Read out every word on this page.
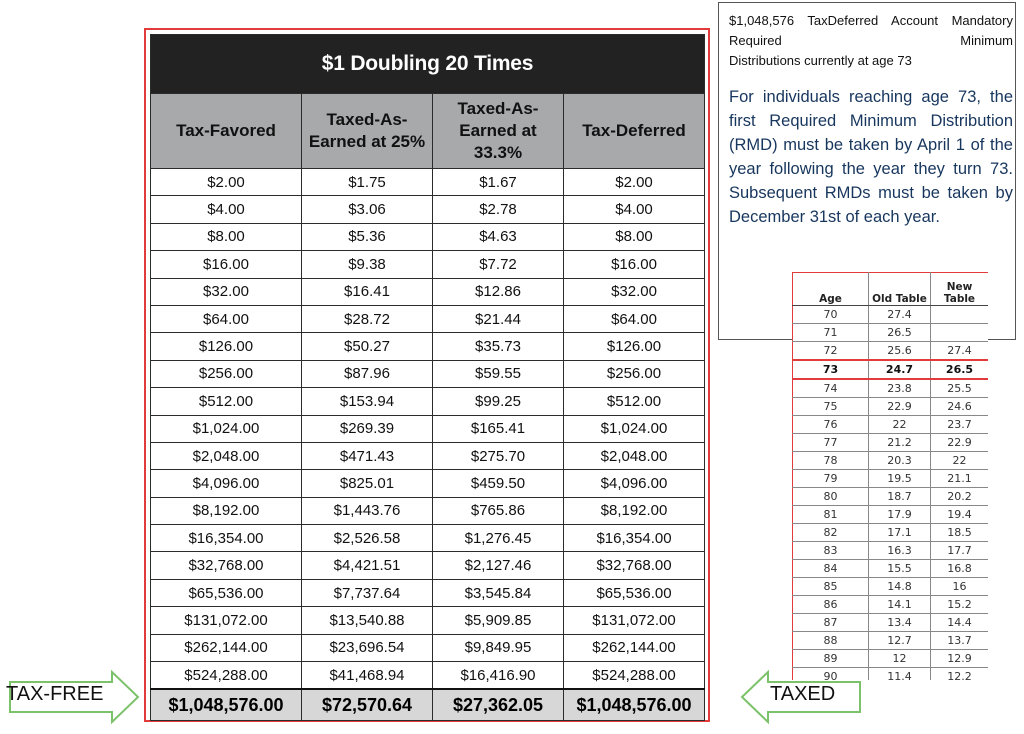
$1 Doubling 20 Times			
Tax-Favored	Taxed-As-Earned at 25%	Taxed-As-Earned at 33.3%	Tax-Deferred
$2.00	$1.75	$1.67	$2.00
$4.00	$3.06	$2.78	$4.00
$8.00	$5.36	$4.63	$8.00
$16.00	$9.38	$7.72	$16.00
$32.00	$16.41	$12.86	$32.00
$64.00	$28.72	$21.44	$64.00
$126.00	$50.27	$35.73	$126.00
$256.00	$87.96	$59.55	$256.00
$512.00	$153.94	$99.25	$512.00
$1,024.00	$269.39	$165.41	$1,024.00
$2,048.00	$471.43	$275.70	$2,048.00
$4,096.00	$825.01	$459.50	$4,096.00
$8,192.00	$1,443.76	$765.86	$8,192.00
$16,354.00	$2,526.58	$1,276.45	$16,354.00
$32,768.00	$4,421.51	$2,127.46	$32,768.00
$65,536.00	$7,737.64	$3,545.84	$65,536.00
$131,072.00	$13,540.88	$5,909.85	$131,072.00
$262,144.00	$23,696.54	$9,849.95	$262,144.00
$524,288.00	$41,468.94	$16,416.90	$524,288.00
$1,048,576.00	$72,570.64	$27,362.05	$1,048,576.00

$1,048,576 TaxDeferred Account Mandatory Required Minimum
Distributions currently at age 73

For individuals reaching age 73, the first Required Minimum Distribution (RMD) must be taken by April 1 of the year following the year they turn 73. Subsequent RMDs must be taken by December 31st of each year.

Age	Old Table	New Table
70	27.4	
71	26.5	
72	25.6	27.4
73	24.7	26.5
74	23.8	25.5
75	22.9	24.6
76	22	23.7
77	21.2	22.9
78	20.3	22
79	19.5	21.1
80	18.7	20.2
81	17.9	19.4
82	17.1	18.5
83	16.3	17.7
84	15.5	16.8
85	14.8	16
86	14.1	15.2
87	13.4	14.4
88	12.7	13.7
89	12	12.9
90	11.4	12.2
TAX-FREE	TAXED
